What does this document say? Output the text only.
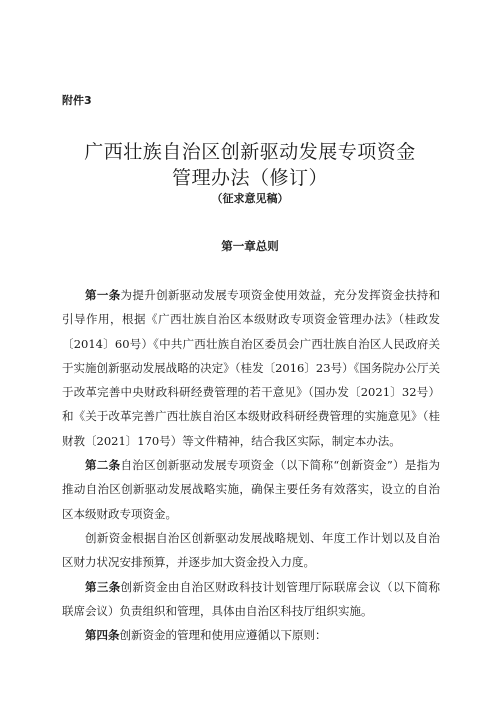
附件3
广西壮族自治区创新驱动发展专项资金
管理办法（修订）
（征求意见稿）
第一章总则

第一条为提升创新驱动发展专项资金使用效益，充分发挥资金扶持和引导作用，根据《广西壮族自治区本级财政专项资金管理办法》（桂政发〔2014〕60号）《中共广西壮族自治区委员会广西壮族自治区人民政府关于实施创新驱动发展战略的决定》（桂发〔2016〕23号）《国务院办公厅关于改革完善中央财政科研经费管理的若干意见》（国办发〔2021〕32号）和《关于改革完善广西壮族自治区本级财政科研经费管理的实施意见》（桂财教〔2021〕170号）等文件精神，结合我区实际，制定本办法。

第二条自治区创新驱动发展专项资金（以下简称“创新资金”）是指为推动自治区创新驱动发展战略实施，确保主要任务有效落实，设立的自治区本级财政专项资金。

创新资金根据自治区创新驱动发展战略规划、年度工作计划以及自治区财力状况安排预算，并逐步加大资金投入力度。

第三条创新资金由自治区财政科技计划管理厅际联席会议（以下简称联席会议）负责组织和管理，具体由自治区科技厅组织实施。

第四条创新资金的管理和使用应遵循以下原则：
